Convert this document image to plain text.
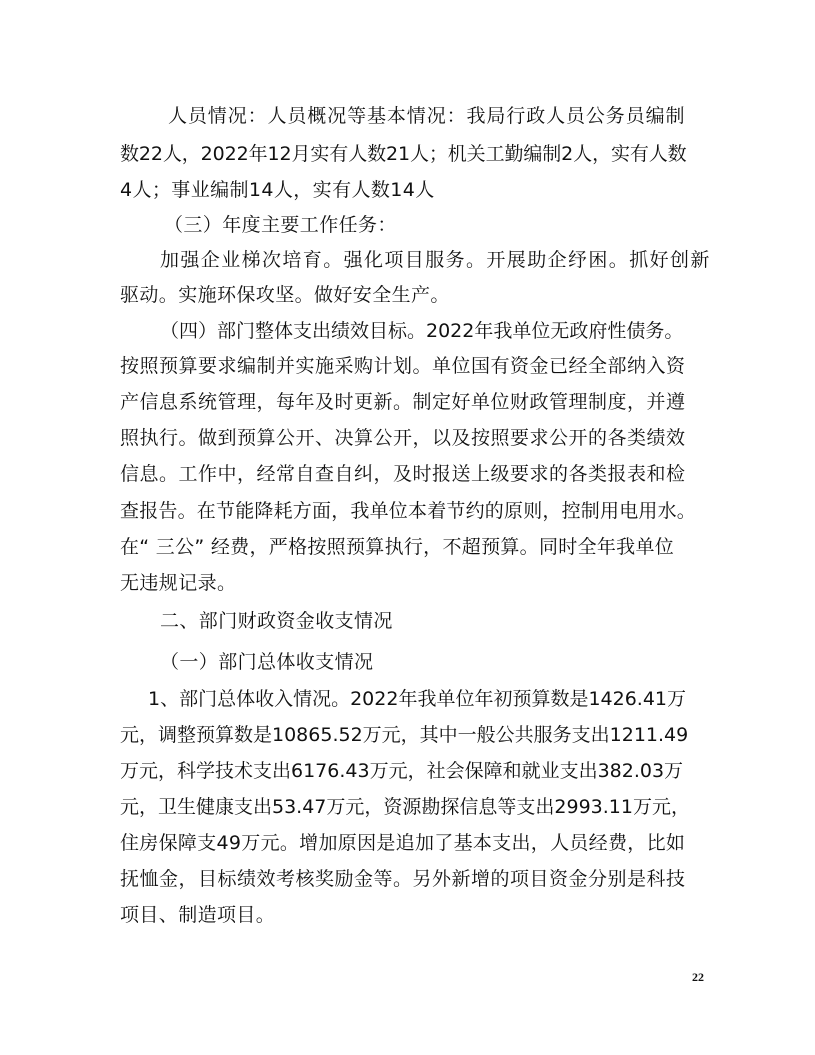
人员情况：人员概况等基本情况：我局行政人员公务员编制
数22人，2022年12月实有人数21人；机关工勤编制2人，实有人数
4人；事业编制14人，实有人数14人
（三）年度主要工作任务：
加强企业梯次培育。强化项目服务。开展助企纾困。抓好创新
驱动。实施环保攻坚。做好安全生产。
（四）部门整体支出绩效目标。2022年我单位无政府性债务。
按照预算要求编制并实施采购计划。单位国有资金已经全部纳入资
产信息系统管理，每年及时更新。制定好单位财政管理制度，并遵
照执行。做到预算公开、决算公开，以及按照要求公开的各类绩效
信息。工作中，经常自查自纠，及时报送上级要求的各类报表和检
查报告。在节能降耗方面，我单位本着节约的原则，控制用电用水。
在“ 三公” 经费，严格按照预算执行，不超预算。同时全年我单位
无违规记录。
二、部门财政资金收支情况
（一）部门总体收支情况
1、部门总体收入情况。2022年我单位年初预算数是1426.41万
元，调整预算数是10865.52万元，其中一般公共服务支出1211.49
万元，科学技术支出6176.43万元，社会保障和就业支出382.03万
元，卫生健康支出53.47万元，资源勘探信息等支出2993.11万元，
住房保障支49万元。增加原因是追加了基本支出，人员经费，比如
抚恤金，目标绩效考核奖励金等。另外新增的项目资金分别是科技
项目、制造项目。
22
